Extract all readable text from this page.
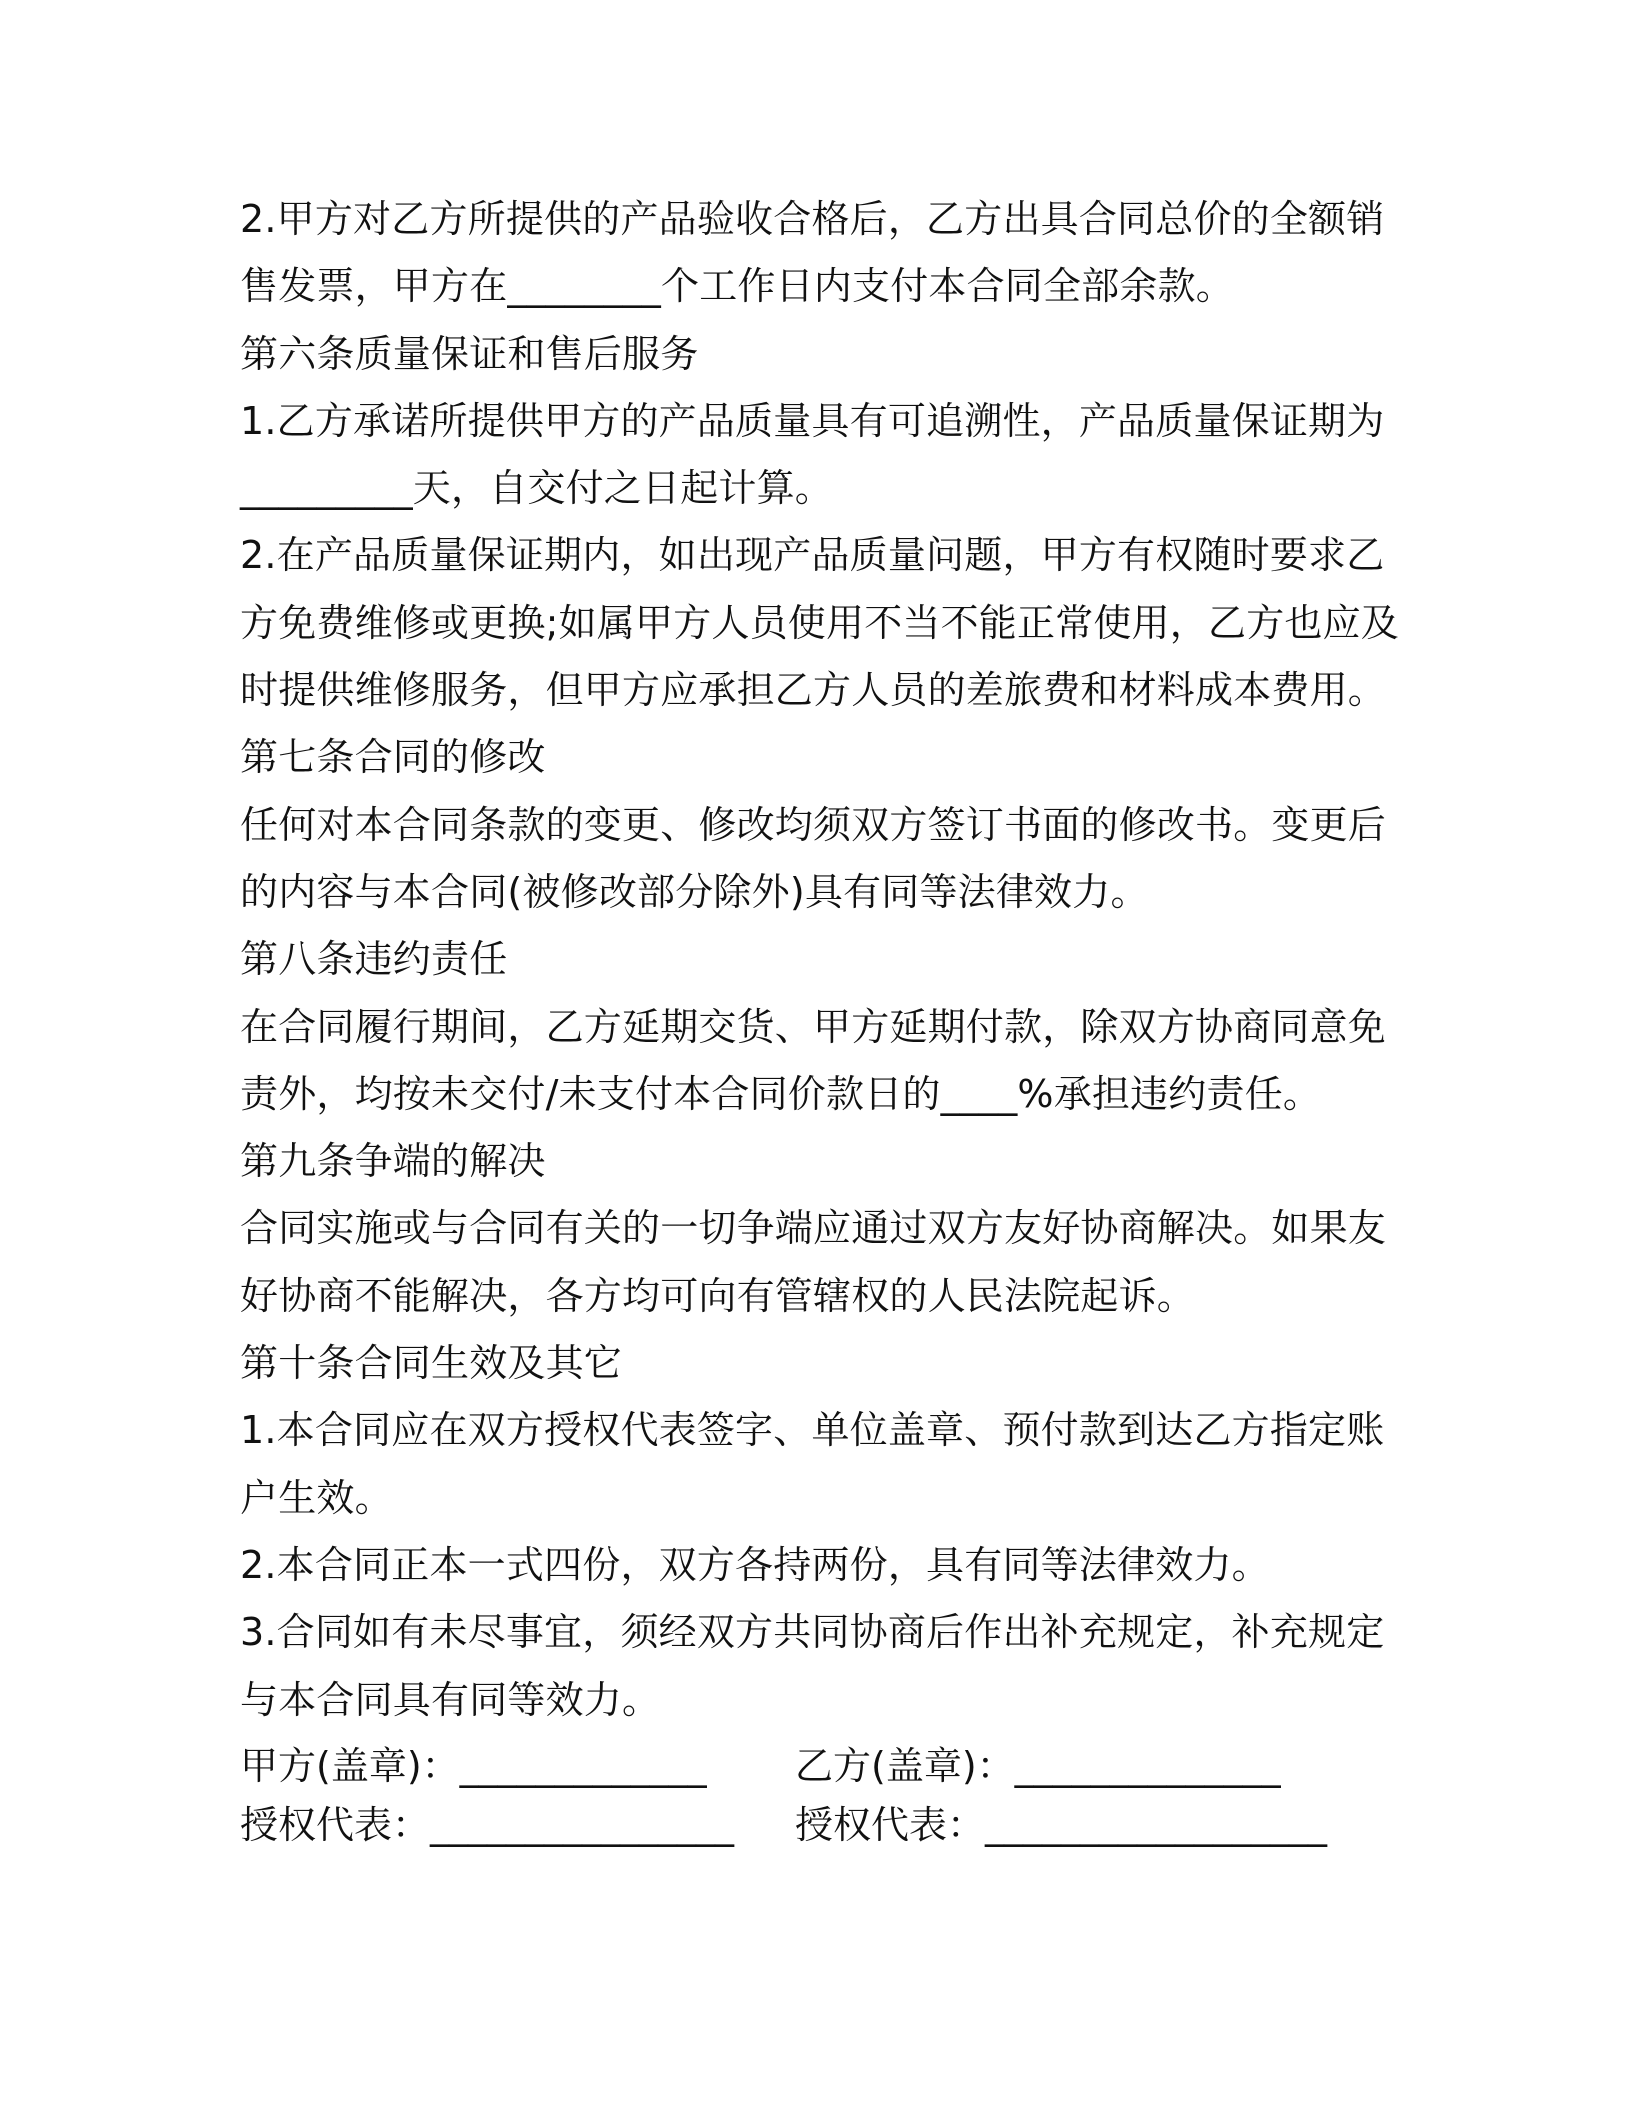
2.甲方对乙方所提供的产品验收合格后，乙方出具合同总价的全额销
售发票，甲方在________个工作日内支付本合同全部余款。
第六条质量保证和售后服务
1.乙方承诺所提供甲方的产品质量具有可追溯性，产品质量保证期为
_________天，自交付之日起计算。
2.在产品质量保证期内，如出现产品质量问题，甲方有权随时要求乙
方免费维修或更换;如属甲方人员使用不当不能正常使用，乙方也应及
时提供维修服务，但甲方应承担乙方人员的差旅费和材料成本费用。
第七条合同的修改
任何对本合同条款的变更、修改均须双方签订书面的修改书。变更后
的内容与本合同(被修改部分除外)具有同等法律效力。
第八条违约责任
在合同履行期间，乙方延期交货、甲方延期付款，除双方协商同意免
责外，均按未交付/未支付本合同价款日的____%承担违约责任。
第九条争端的解决
合同实施或与合同有关的一切争端应通过双方友好协商解决。如果友
好协商不能解决，各方均可向有管辖权的人民法院起诉。
第十条合同生效及其它
1.本合同应在双方授权代表签字、单位盖章、预付款到达乙方指定账
户生效。
2.本合同正本一式四份，双方各持两份，具有同等法律效力。
3.合同如有未尽事宜，须经双方共同协商后作出补充规定，补充规定
与本合同具有同等效力。
甲方(盖章)：_____________ 乙方(盖章)：______________
授权代表：________________ 授权代表：__________________
